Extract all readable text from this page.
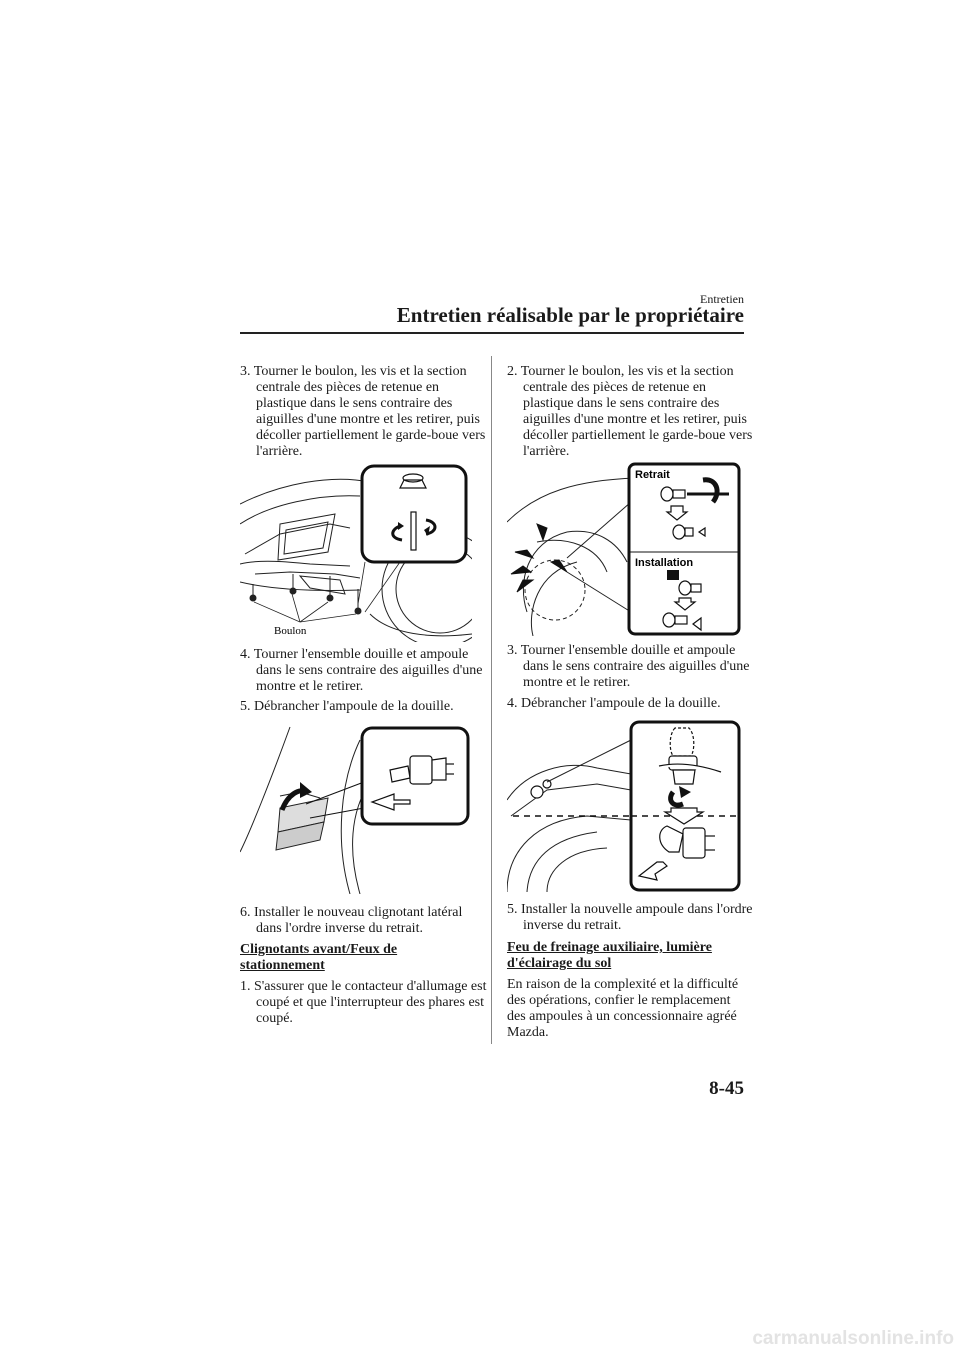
Entretien
Entretien réalisable par le propriétaire

3. Tourner le boulon, les vis et la section centrale des pièces de retenue en plastique dans le sens contraire des aiguilles d'une montre et les retirer, puis décoller partiellement le garde-boue vers l'arrière.

Boulon

4. Tourner l'ensemble douille et ampoule dans le sens contraire des aiguilles d'une montre et le retirer.

5. Débrancher l'ampoule de la douille.

6. Installer le nouveau clignotant latéral dans l'ordre inverse du retrait.

Clignotants avant/Feux de stationnement

1. S'assurer que le contacteur d'allumage est coupé et que l'interrupteur des phares est coupé.

2. Tourner le boulon, les vis et la section centrale des pièces de retenue en plastique dans le sens contraire des aiguilles d'une montre et les retirer, puis décoller partiellement le garde-boue vers l'arrière.

Retrait
Installation

3. Tourner l'ensemble douille et ampoule dans le sens contraire des aiguilles d'une montre et le retirer.

4. Débrancher l'ampoule de la douille.

5. Installer la nouvelle ampoule dans l'ordre inverse du retrait.

Feu de freinage auxiliaire, lumière d'éclairage du sol

En raison de la complexité et la difficulté des opérations, confier le remplacement des ampoules à un concessionnaire agréé Mazda.

8-45
carmanualsonline.info
